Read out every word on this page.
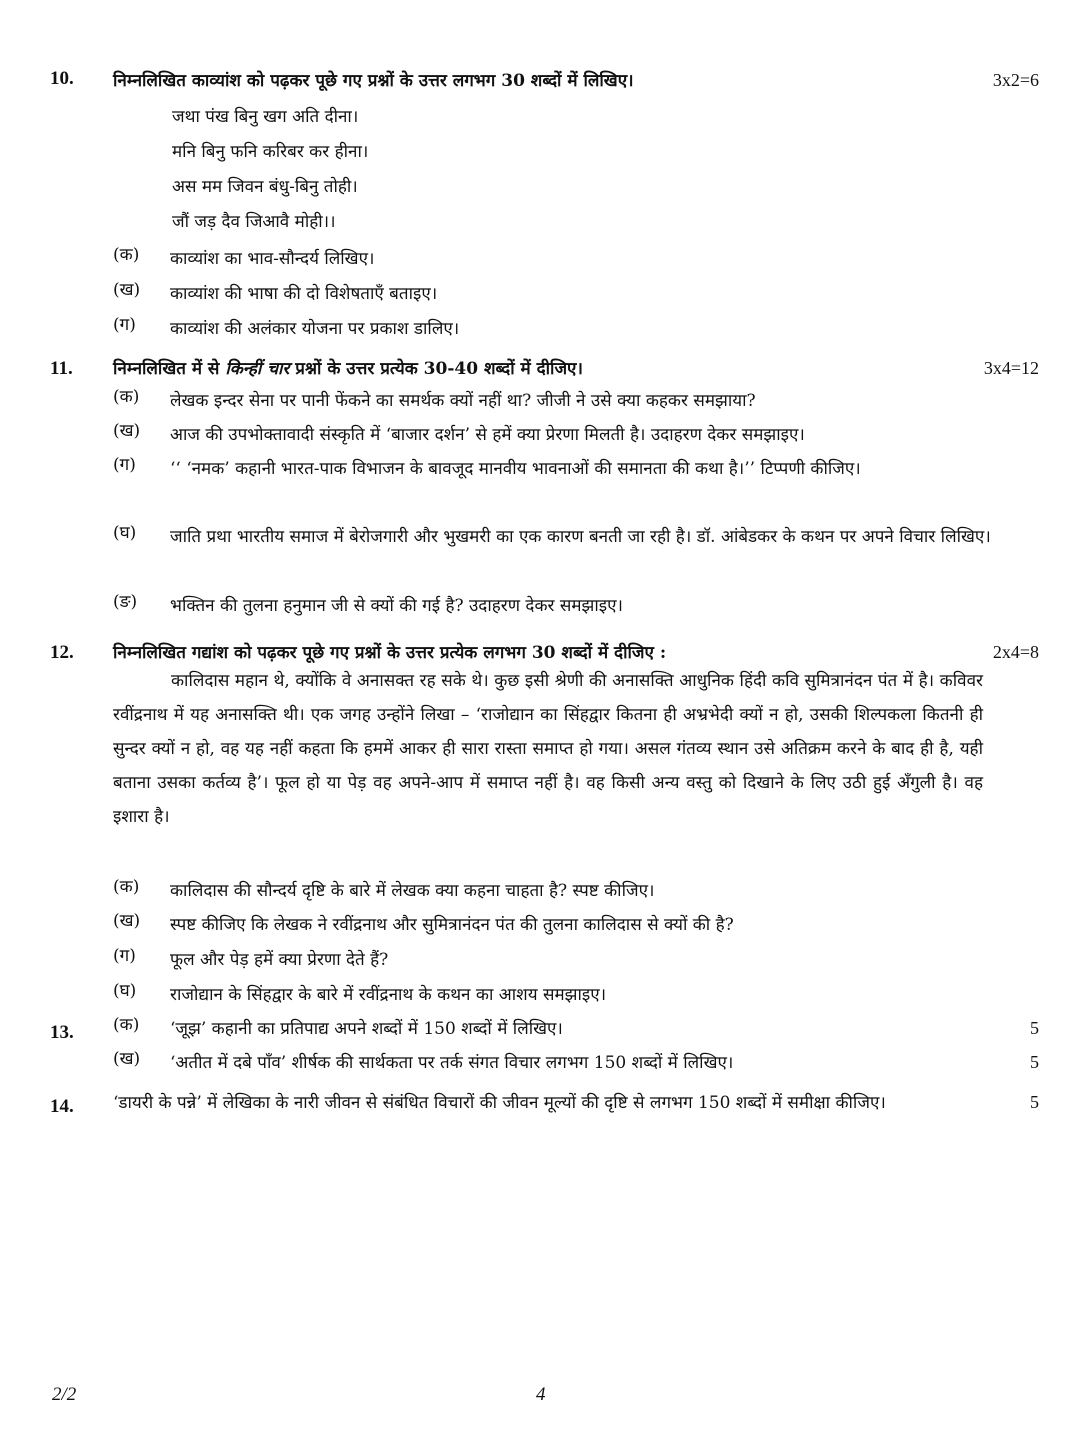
10. निम्नलिखित काव्यांश को पढ़कर पूछे गए प्रश्नों के उत्तर लगभग 30 शब्दों में लिखिए।	3x2=6
जथा पंख बिनु खग अति दीना।
मनि बिनु फनि करिबर कर हीना।
अस मम जिवन बंधु-बिनु तोही।
जौं जड़ दैव जिआवै मोही।।
(क)	काव्यांश का भाव-सौन्दर्य लिखिए।
(ख)	काव्यांश की भाषा की दो विशेषताएँ बताइए।
(ग)	काव्यांश की अलंकार योजना पर प्रकाश डालिए।
11. निम्नलिखित में से किन्हीं चार प्रश्नों के उत्तर प्रत्येक 30-40 शब्दों में दीजिए।	3x4=12
(क)	लेखक इन्दर सेना पर पानी फेंकने का समर्थक क्यों नहीं था? जीजी ने उसे क्या कहकर समझाया?
(ख)	आज की उपभोक्तावादी संस्कृति में ‘बाजार दर्शन’ से हमें क्या प्रेरणा मिलती है। उदाहरण देकर समझाइए।
(ग)	‘‘ ‘नमक’ कहानी भारत-पाक विभाजन के बावजूद मानवीय भावनाओं की समानता की कथा है।’’ टिप्पणी कीजिए।
(घ)	जाति प्रथा भारतीय समाज में बेरोजगारी और भुखमरी का एक कारण बनती जा रही है। डॉ. आंबेडकर के कथन पर अपने विचार लिखिए।
(ङ)	भक्तिन की तुलना हनुमान जी से क्यों की गई है? उदाहरण देकर समझाइए।
12. निम्नलिखित गद्यांश को पढ़कर पूछे गए प्रश्नों के उत्तर प्रत्येक लगभग 30 शब्दों में दीजिए :	2x4=8
कालिदास महान थे, क्योंकि वे अनासक्त रह सके थे। कुछ इसी श्रेणी की अनासक्ति आधुनिक हिंदी कवि सुमित्रानंदन पंत में है। कविवर रवींद्रनाथ में यह अनासक्ति थी। एक जगह उन्होंने लिखा – ‘राजोद्यान का सिंहद्वार कितना ही अभ्रभेदी क्यों न हो, उसकी शिल्पकला कितनी ही सुन्दर क्यों न हो, वह यह नहीं कहता कि हममें आकर ही सारा रास्ता समाप्त हो गया। असल गंतव्य स्थान उसे अतिक्रम करने के बाद ही है, यही बताना उसका कर्तव्य है’। फूल हो या पेड़ वह अपने-आप में समाप्त नहीं है। वह किसी अन्य वस्तु को दिखाने के लिए उठी हुई अँगुली है। वह इशारा है।
(क)	कालिदास की सौन्दर्य दृष्टि के बारे में लेखक क्या कहना चाहता है? स्पष्ट कीजिए।
(ख)	स्पष्ट कीजिए कि लेखक ने रवींद्रनाथ और सुमित्रानंदन पंत की तुलना कालिदास से क्यों की है?
(ग)	फूल और पेड़ हमें क्या प्रेरणा देते हैं?
(घ)	राजोद्यान के सिंहद्वार के बारे में रवींद्रनाथ के कथन का आशय समझाइए।
13. (क)	‘जूझ’ कहानी का प्रतिपाद्य अपने शब्दों में 150 शब्दों में लिखिए।	5
(ख)	‘अतीत में दबे पाँव’ शीर्षक की सार्थकता पर तर्क संगत विचार लगभग 150 शब्दों में लिखिए।	5
14. ‘डायरी के पन्ने’ में लेखिका के नारी जीवन से संबंधित विचारों की जीवन मूल्यों की दृष्टि से लगभग 150 शब्दों में समीक्षा कीजिए।	5
2/2	4
